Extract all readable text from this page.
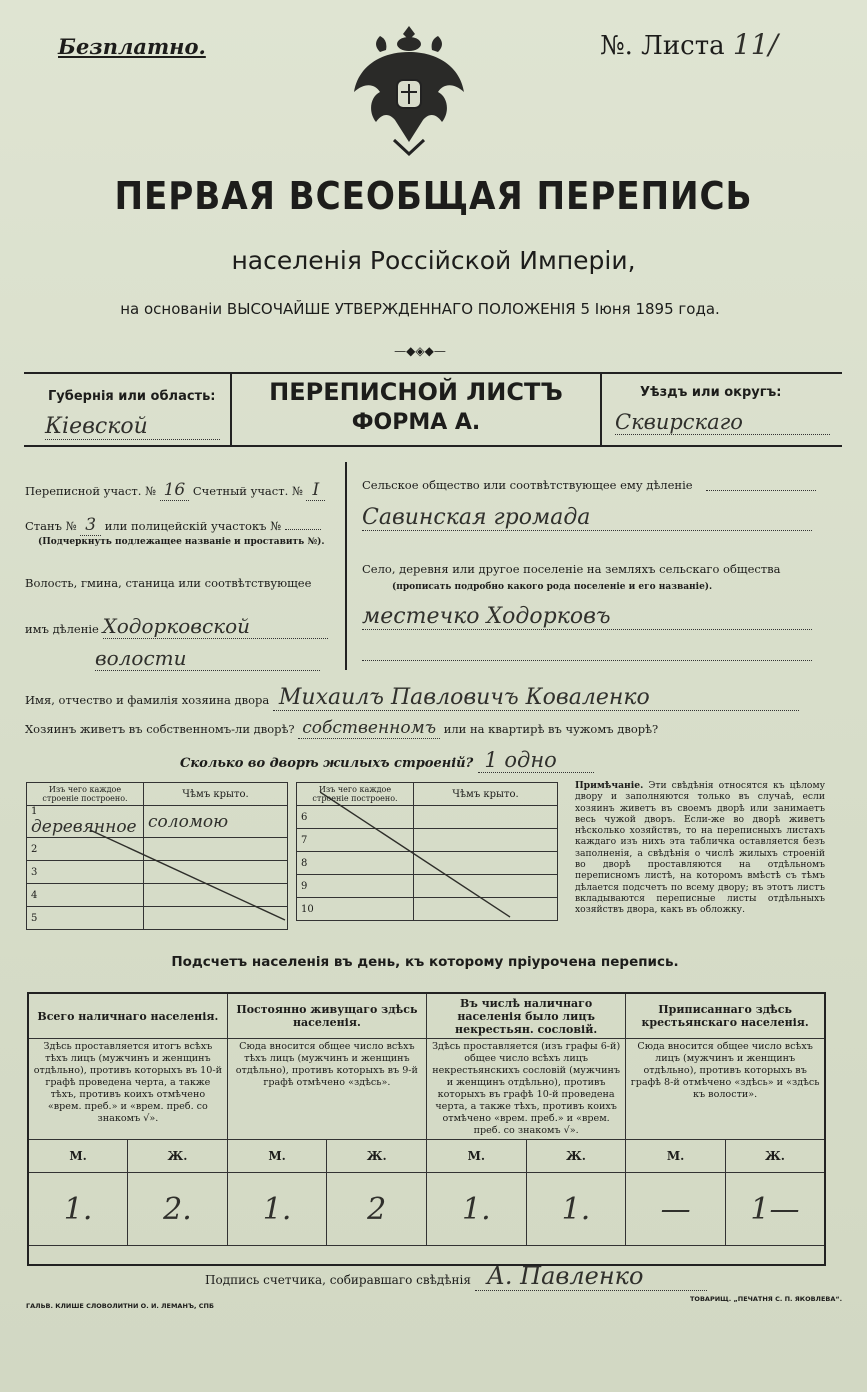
Безплатно.	№. Листа 11/
ПЕРВАЯ ВСЕОБЩАЯ ПЕРЕПИСЬ
населенія Россійской Имперіи,
на основаніи ВЫСОЧАЙШЕ УТВЕРЖДЕННАГО ПОЛОЖЕНІЯ 5 Іюня 1895 года.
—◆◈◆—
Губернія или область:
Кіевской
ПЕРЕПИСНОЙ ЛИСТЪ
ФОРМА А.
Уѣздъ или округъ:
Сквирскаго
Переписной участ. № 16 Счетный участ. № I
Станъ № 3 или полицейскій участокъ №
(Подчеркнуть подлежащее названіе и проставить №).
Волость, гмина, станица или соотвѣтствующее
имъ дѣленіе Ходорковской
волости
Сельское общество или соотвѣтствующее ему дѣленіе
Савинская громада
Село, деревня или другое поселеніе на земляхъ сельскаго общества
(прописать подробно какого рода поселеніе и его названіе).
местечко Ходорковъ
Имя, отчество и фамилія хозяина двора Михаилъ Павловичъ Коваленко
Хозяинъ живетъ въ собственномъ-ли дворѣ? собственномъ или на квартирѣ въ чужомъ дворѣ?
Сколько во дворѣ жилыхъ строеній? 1 одно
Изъ чего каждое строеніе построено.	Чѣмъ крыто.
1 деревянное	соломою
2	
3	
4	
5	
Изъ чего каждое строеніе построено.	Чѣмъ крыто.
6	
7	
8	
9	
10	
Примѣчаніе. Эти свѣдѣнія относятся къ цѣлому двору и заполняются только въ случаѣ, если хозяинъ живетъ въ своемъ дворѣ или занимаетъ весь чужой дворъ. Если-же во дворѣ живетъ нѣсколько хозяйствъ, то на переписныхъ листахъ каждаго изъ нихъ эта табличка оставляется безъ заполненія, а свѣдѣнія о числѣ жилыхъ строеній во дворѣ проставляются на отдѣльномъ переписномъ листѣ, на которомъ вмѣстѣ съ тѣмъ дѣлается подсчетъ по всему двору; въ этотъ листъ вкладываются переписные листы отдѣльныхъ хозяйствъ двора, какъ въ обложку.
Подсчетъ населенія въ день, къ которому пріурочена перепись.
Всего наличнаго населенія.		Постоянно живущаго здѣсь населенія.		Въ числѣ наличнаго населенія было лицъ некрестьян. сословій.		Приписаннаго здѣсь крестьянскаго населенія.	
Здѣсь проставляется итогъ всѣхъ тѣхъ лицъ (мужчинъ и женщинъ отдѣльно), противъ которыхъ въ 10-й графѣ проведена черта, а также тѣхъ, противъ коихъ отмѣчено «врем. преб.» и «врем. преб. со знакомъ √».		Сюда вносится общее число всѣхъ тѣхъ лицъ (мужчинъ и женщинъ отдѣльно), противъ которыхъ въ 9-й графѣ отмѣчено «здѣсь».		Здѣсь проставляется (изъ графы 6-й) общее число всѣхъ лицъ некрестьянскихъ сословій (мужчинъ и женщинъ отдѣльно), противъ которыхъ въ графѣ 10-й проведена черта, а также тѣхъ, противъ коихъ отмѣчено «врем. преб.» и «врем. преб. со знакомъ √».		Сюда вносится общее число всѣхъ лицъ (мужчинъ и женщинъ отдѣльно), противъ которыхъ въ графѣ 8-й отмѣчено «здѣсь» и «здѣсь къ волости».	
М.	Ж.	М.	Ж.	М.	Ж.	М.	Ж.
1.	2.	1.	2	1.	1.	—	1—

Подпись счетчика, собиравшаго свѣдѣнія А. Павленко
ГАЛЬВ. КЛИШЕ СЛОВОЛИТНИ О. И. ЛЕМАНЪ, СПБ
ТОВАРИЩ. „ПЕЧАТНЯ С. П. ЯКОВЛЕВА“.
